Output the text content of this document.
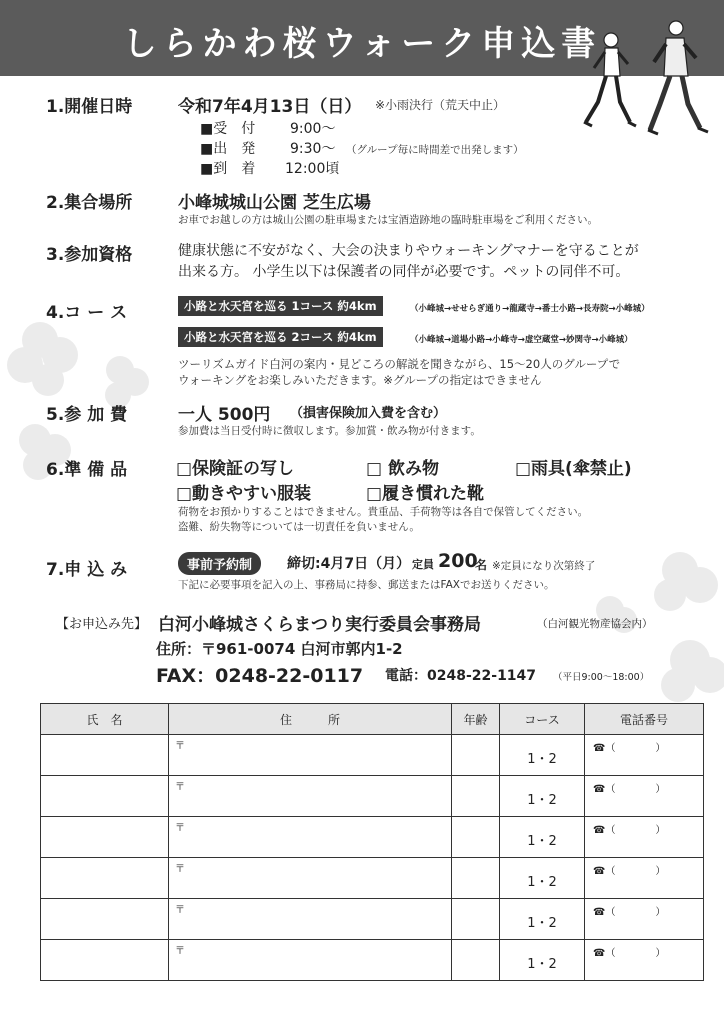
しらかわ桜ウォーク申込書
1.開催日時	令和7年4月13日（日） ※小雨決行（荒天中止）
■受　付 9:00〜
■出　発 9:30〜 （グループ毎に時間差で出発します）
■到　着 12:00頃
2.集合場所	小峰城城山公園 芝生広場
お車でお越しの方は城山公園の駐車場または宝酒造跡地の臨時駐車場をご利用ください。
3.参加資格	健康状態に不安がなく、大会の決まりやウォーキングマナーを守ることが
出来る方。 小学生以下は保護者の同伴が必要です。ペットの同伴不可。
4.コ ー ス	小路と水天宮を巡る 1コース 約4km	（小峰城→せせらぎ通り→龍蔵寺→番士小路→長寿院→小峰城）
小路と水天宮を巡る 2コース 約4km	（小峰城→道場小路→小峰寺→虚空蔵堂→妙関寺→小峰城）
ツーリズムガイド白河の案内・見どころの解説を聞きながら、15〜20人のグループで
ウォーキングをお楽しみいただきます。※グループの指定はできません
5.参 加 費	一人 500円 （損害保険加入費を含む）
参加費は当日受付時に徴収します。参加賞・飲み物が付きます。
6.準 備 品	□保険証の写し	□ 飲み物	□雨具(傘禁止)
□動きやすい服装	□履き慣れた靴
荷物をお預かりすることはできません。貴重品、手荷物等は各自で保管してください。
盗難、紛失物等については一切責任を負いません。
7.申 込 み	事前予約制	締切:4月7日（月） 定員 200
名 ※定員になり次第終了
下記に必要事項を記入の上、事務局に持参、郵送またはFAXでお送りください。
【お申込み先】 白河小峰城さくらまつり実行委員会事務局	（白河観光物産協会内）
住所：〒961-0074 白河市郭内1-2
FAX：0248-22-0117 電話：0248-22-1147 （平日9:00〜18:00）
氏　名	住　　　所	年齢	コース	電話番号

	〒		1・2	☎（　　　　）

	〒		1・2	☎（　　　　）

	〒		1・2	☎（　　　　）

	〒		1・2	☎（　　　　）

	〒		1・2	☎（　　　　）

	〒		1・2	☎（　　　　）
